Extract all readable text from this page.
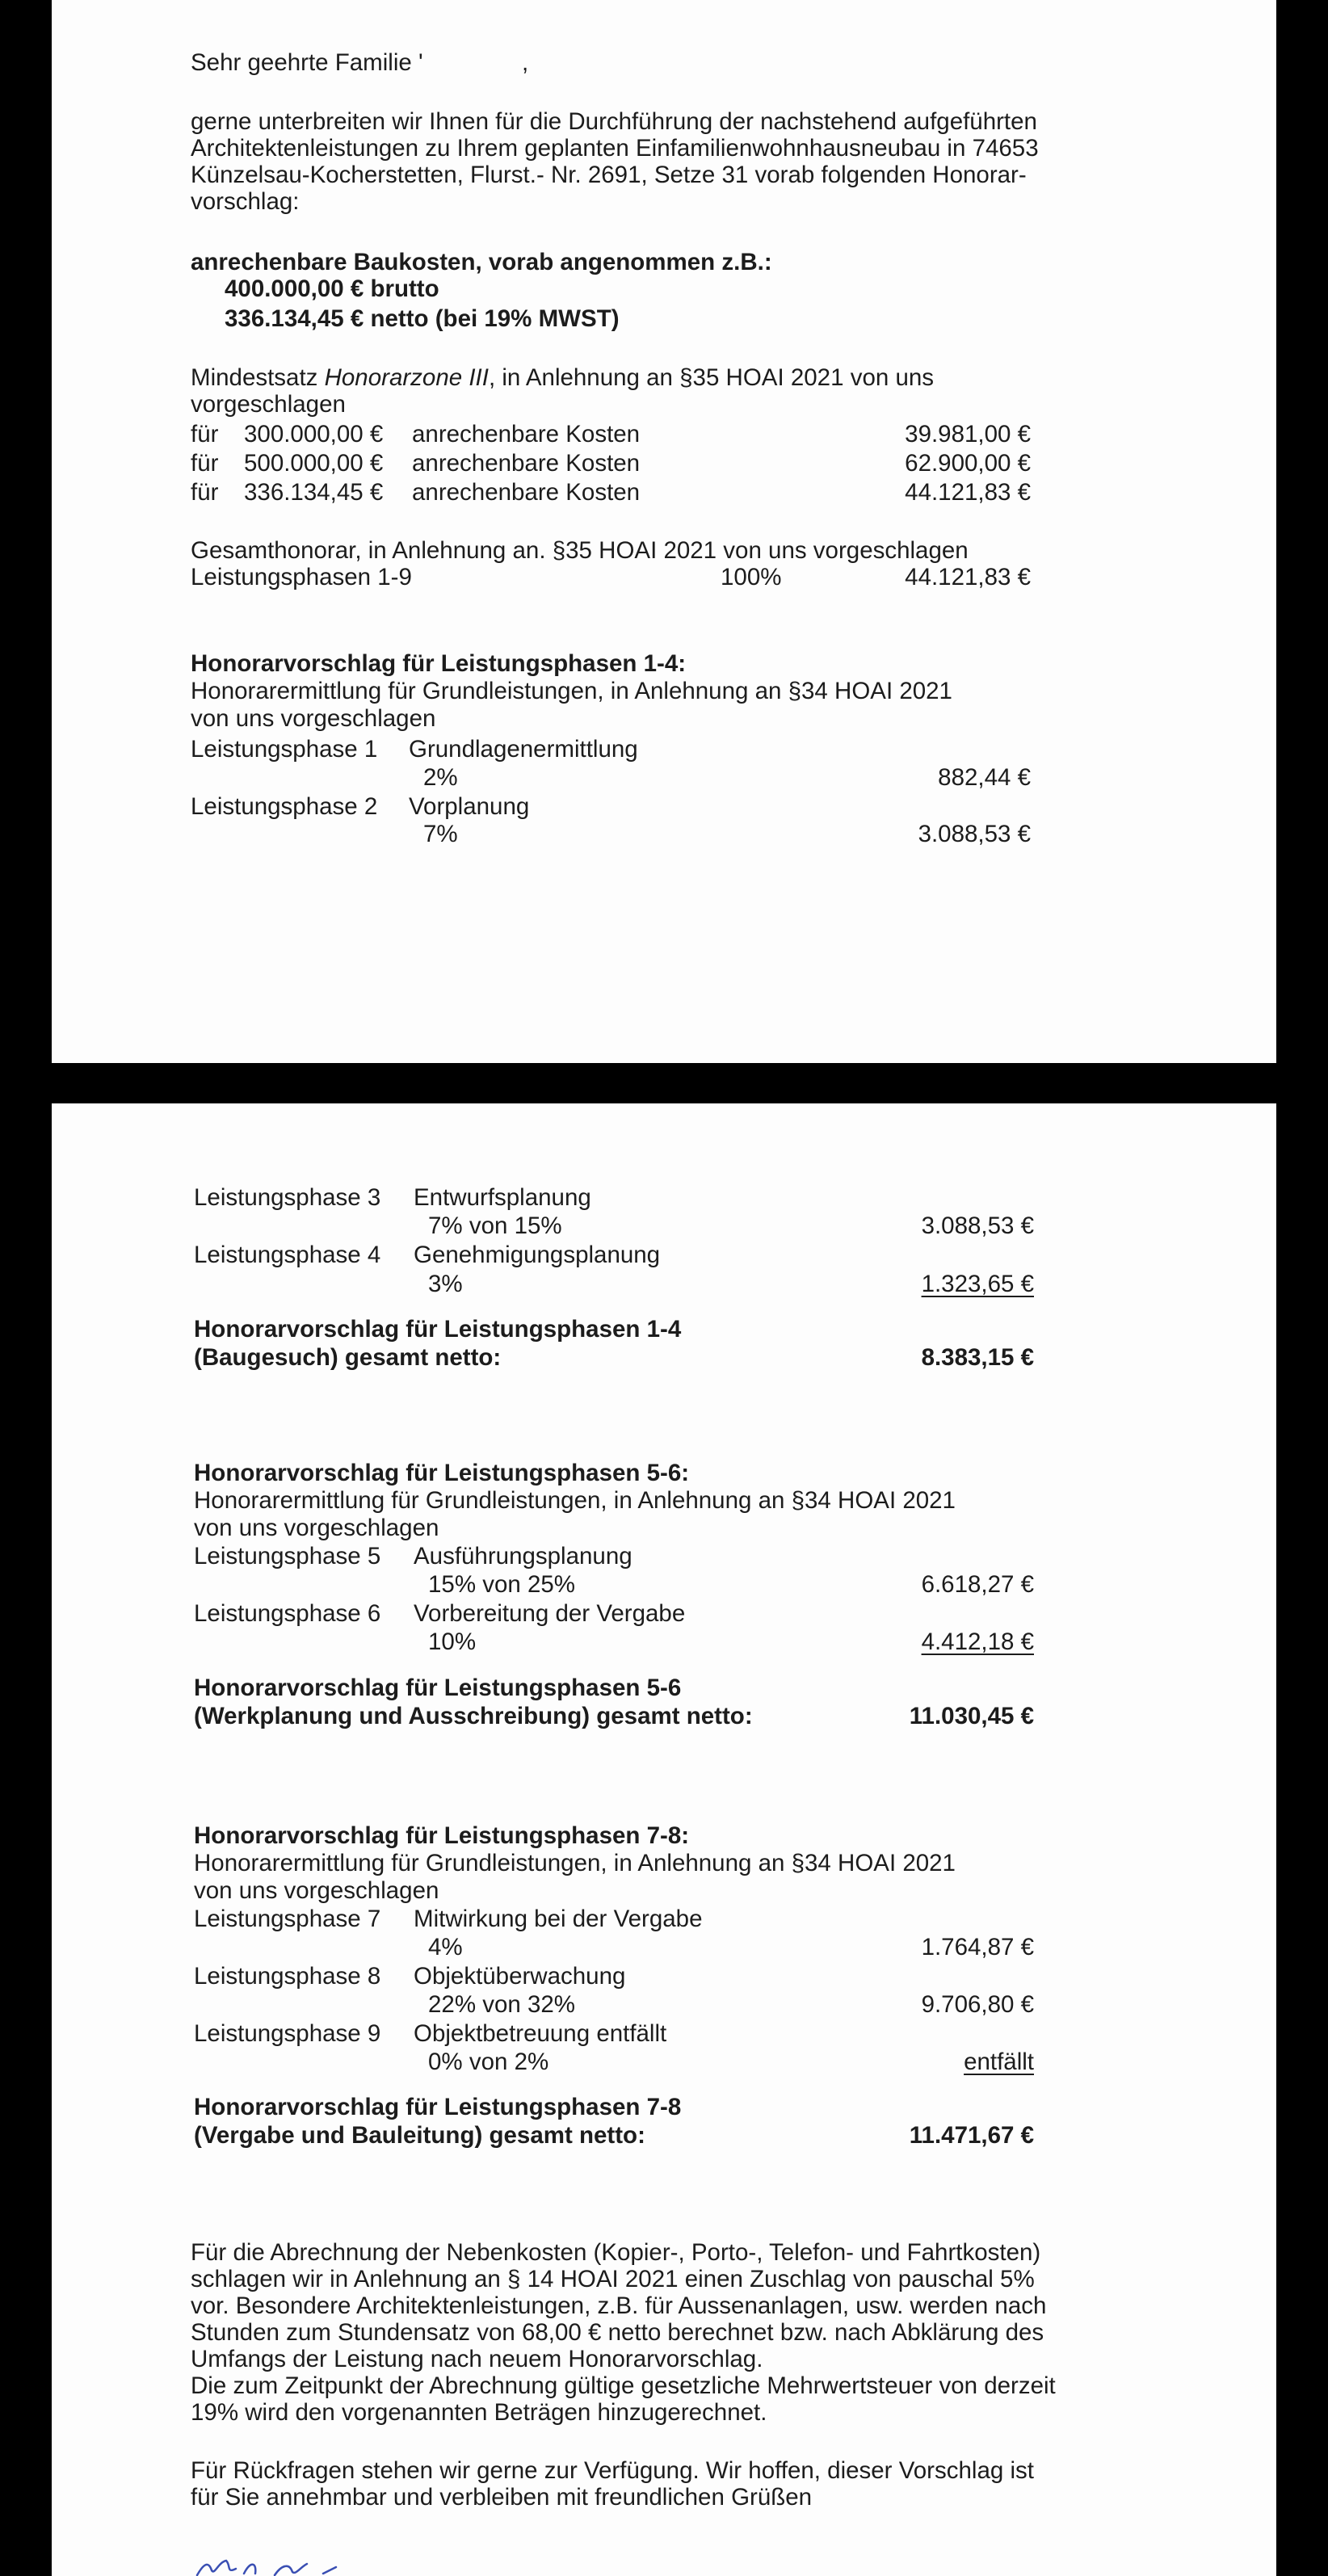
Sehr geehrte Familie '	,
gerne unterbreiten wir Ihnen für die Durchführung der nachstehend aufgeführten
Architektenleistungen zu Ihrem geplanten Einfamilienwohnhausneubau in 74653
Künzelsau-Kocherstetten, Flurst.- Nr. 2691, Setze 31 vorab folgenden Honorar-
vorschlag:
anrechenbare Baukosten, vorab angenommen z.B.:
400.000,00 € brutto
336.134,45 € netto (bei 19% MWST)
Mindestsatz Honorarzone III, in Anlehnung an §35 HOAI 2021 von uns
vorgeschlagen
für 300.000,00 € anrechenbare Kosten	39.981,00 €
für 500.000,00 € anrechenbare Kosten	62.900,00 €
für 336.134,45 € anrechenbare Kosten	44.121,83 €
Gesamthonorar, in Anlehnung an. §35 HOAI 2021 von uns vorgeschlagen
Leistungsphasen 1-9	100%	44.121,83 €
Honorarvorschlag für Leistungsphasen 1-4:
Honorarermittlung für Grundleistungen, in Anlehnung an §34 HOAI 2021
von uns vorgeschlagen
Leistungsphase 1 Grundlagenermittlung
2%	882,44 €
Leistungsphase 2 Vorplanung
7%	3.088,53 €
Leistungsphase 3 Entwurfsplanung
7% von 15%	3.088,53 €
Leistungsphase 4 Genehmigungsplanung
3%	1.323,65 €
Honorarvorschlag für Leistungsphasen 1-4
(Baugesuch) gesamt netto:	8.383,15 €
Honorarvorschlag für Leistungsphasen 5-6:
Honorarermittlung für Grundleistungen, in Anlehnung an §34 HOAI 2021
von uns vorgeschlagen
Leistungsphase 5 Ausführungsplanung
15% von 25%	6.618,27 €
Leistungsphase 6 Vorbereitung der Vergabe
10%	4.412,18 €
Honorarvorschlag für Leistungsphasen 5-6
(Werkplanung und Ausschreibung) gesamt netto:	11.030,45 €
Honorarvorschlag für Leistungsphasen 7-8:
Honorarermittlung für Grundleistungen, in Anlehnung an §34 HOAI 2021
von uns vorgeschlagen
Leistungsphase 7 Mitwirkung bei der Vergabe
4%	1.764,87 €
Leistungsphase 8 Objektüberwachung
22% von 32%	9.706,80 €
Leistungsphase 9 Objektbetreuung entfällt
0% von 2%	entfällt
Honorarvorschlag für Leistungsphasen 7-8
(Vergabe und Bauleitung) gesamt netto:	11.471,67 €
Für die Abrechnung der Nebenkosten (Kopier-, Porto-, Telefon- und Fahrtkosten)
schlagen wir in Anlehnung an § 14 HOAI 2021 einen Zuschlag von pauschal 5%
vor. Besondere Architektenleistungen, z.B. für Aussenanlagen, usw. werden nach
Stunden zum Stundensatz von 68,00 € netto berechnet bzw. nach Abklärung des
Umfangs der Leistung nach neuem Honorarvorschlag.
Die zum Zeitpunkt der Abrechnung gültige gesetzliche Mehrwertsteuer von derzeit
19% wird den vorgenannten Beträgen hinzugerechnet.
Für Rückfragen stehen wir gerne zur Verfügung. Wir hoffen, dieser Vorschlag ist
für Sie annehmbar und verbleiben mit freundlichen Grüßen
